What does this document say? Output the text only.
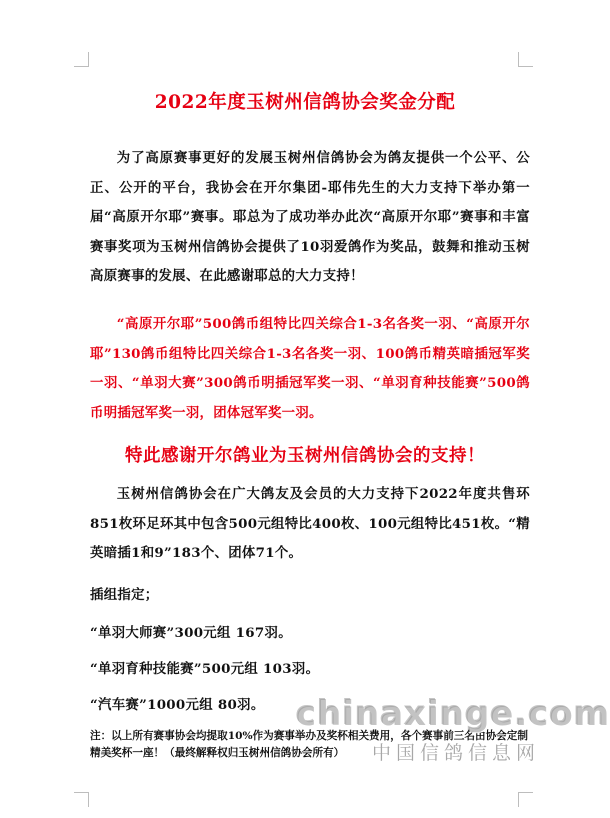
2022年度玉树州信鸽协会奖金分配

为了高原赛事更好的发展玉树州信鸽协会为鸽友提供一个公平、公正、公开的平台，我协会在开尔集团-耶伟先生的大力支持下举办第一届“高原开尔耶”赛事。耶总为了成功举办此次“高原开尔耶”赛事和丰富赛事奖项为玉树州信鸽协会提供了10羽爱鸽作为奖品，鼓舞和推动玉树高原赛事的发展、在此感谢耶总的大力支持！

“高原开尔耶”500鸽币组特比四关综合1-3名各奖一羽、“高原开尔耶”130鸽币组特比四关综合1-3名各奖一羽、100鸽币精英暗插冠军奖一羽、“单羽大赛”300鸽币明插冠军奖一羽、“单羽育种技能赛”500鸽币明插冠军奖一羽，团体冠军奖一羽。

特此感谢开尔鸽业为玉树州信鸽协会的支持！

玉树州信鸽协会在广大鸽友及会员的大力支持下2022年度共售环851枚环足环其中包含500元组特比400枚、100元组特比451枚。“精英暗插1和9”183个、团体71个。

插组指定；
“单羽大师赛”300元组 167羽。
“单羽育种技能赛”500元组 103羽。
“汽车赛”1000元组 80羽。

注：以上所有赛事协会均提取10%作为赛事举办及奖杯相关费用，各个赛事前三名由协会定制精美奖杯一座！（最终解释权归玉树州信鸽协会所有）

chinaxinge.com
中国信鸽信息网
